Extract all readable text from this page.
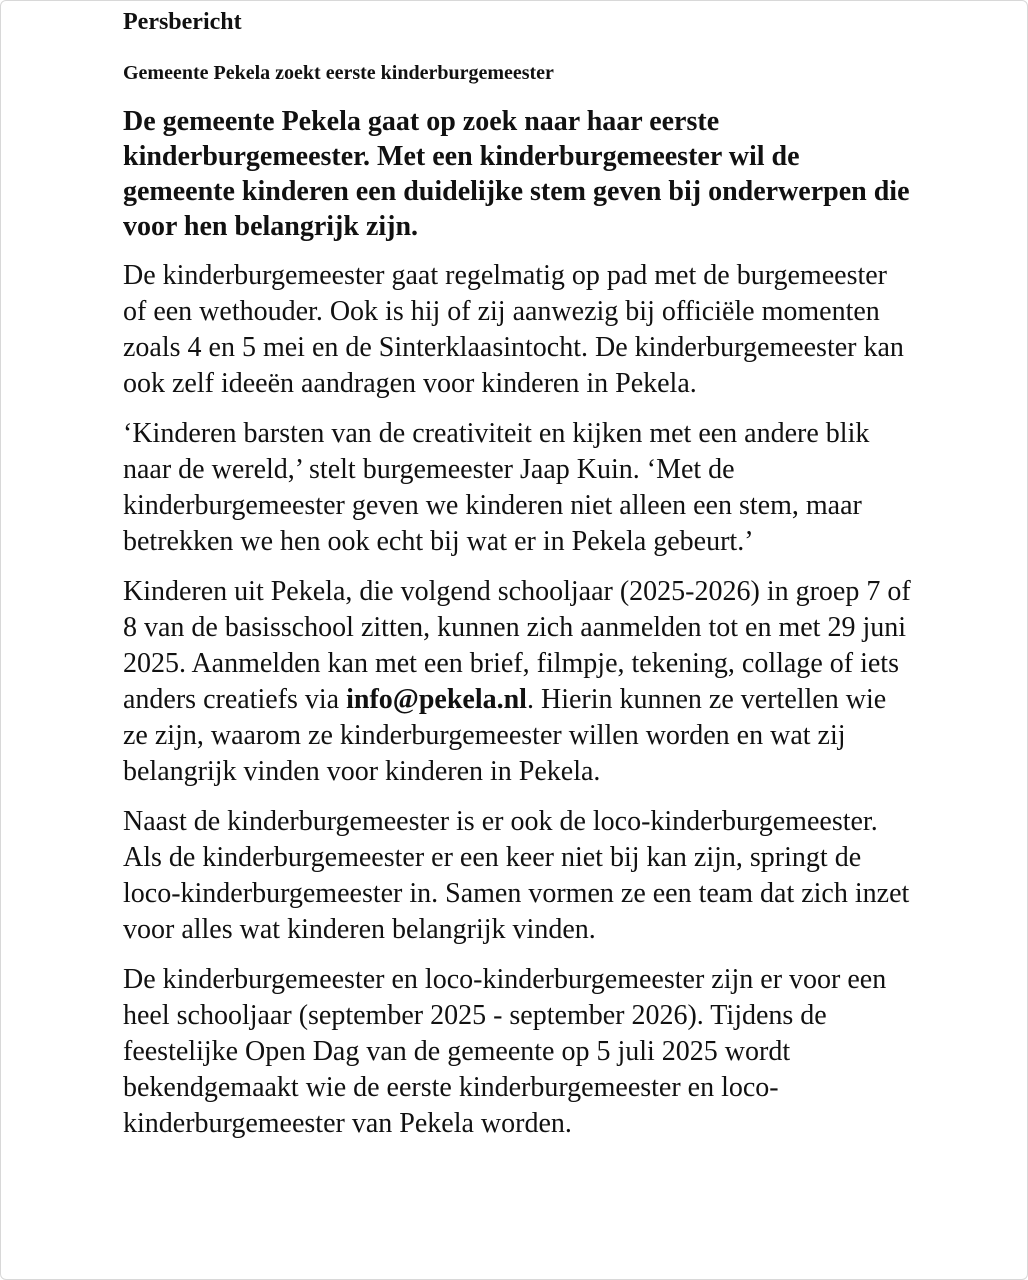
Persbericht
Gemeente Pekela zoekt eerste kinderburgemeester
De gemeente Pekela gaat op zoek naar haar eerste kinderburgemeester. Met een kinderburgemeester wil de gemeente kinderen een duidelijke stem geven bij onderwerpen die voor hen belangrijk zijn.
De kinderburgemeester gaat regelmatig op pad met de burgemeester of een wethouder. Ook is hij of zij aanwezig bij officiële momenten zoals 4 en 5 mei en de Sinterklaasintocht. De kinderburgemeester kan ook zelf ideeën aandragen voor kinderen in Pekela.
‘Kinderen barsten van de creativiteit en kijken met een andere blik naar de wereld,’ stelt burgemeester Jaap Kuin. ‘Met de kinderburgemeester geven we kinderen niet alleen een stem, maar betrekken we hen ook echt bij wat er in Pekela gebeurt.’
Kinderen uit Pekela, die volgend schooljaar (2025-2026) in groep 7 of 8 van de basisschool zitten, kunnen zich aanmelden tot en met 29 juni 2025. Aanmelden kan met een brief, filmpje, tekening, collage of iets anders creatiefs via info@pekela.nl. Hierin kunnen ze vertellen wie ze zijn, waarom ze kinderburgemeester willen worden en wat zij belangrijk vinden voor kinderen in Pekela.
Naast de kinderburgemeester is er ook de loco-kinderburgemeester. Als de kinderburgemeester er een keer niet bij kan zijn, springt de loco-kinderburgemeester in. Samen vormen ze een team dat zich inzet voor alles wat kinderen belangrijk vinden.
De kinderburgemeester en loco-kinderburgemeester zijn er voor een heel schooljaar (september 2025 - september 2026). Tijdens de feestelijke Open Dag van de gemeente op 5 juli 2025 wordt bekendgemaakt wie de eerste kinderburgemeester en loco-kinderburgemeester van Pekela worden.
